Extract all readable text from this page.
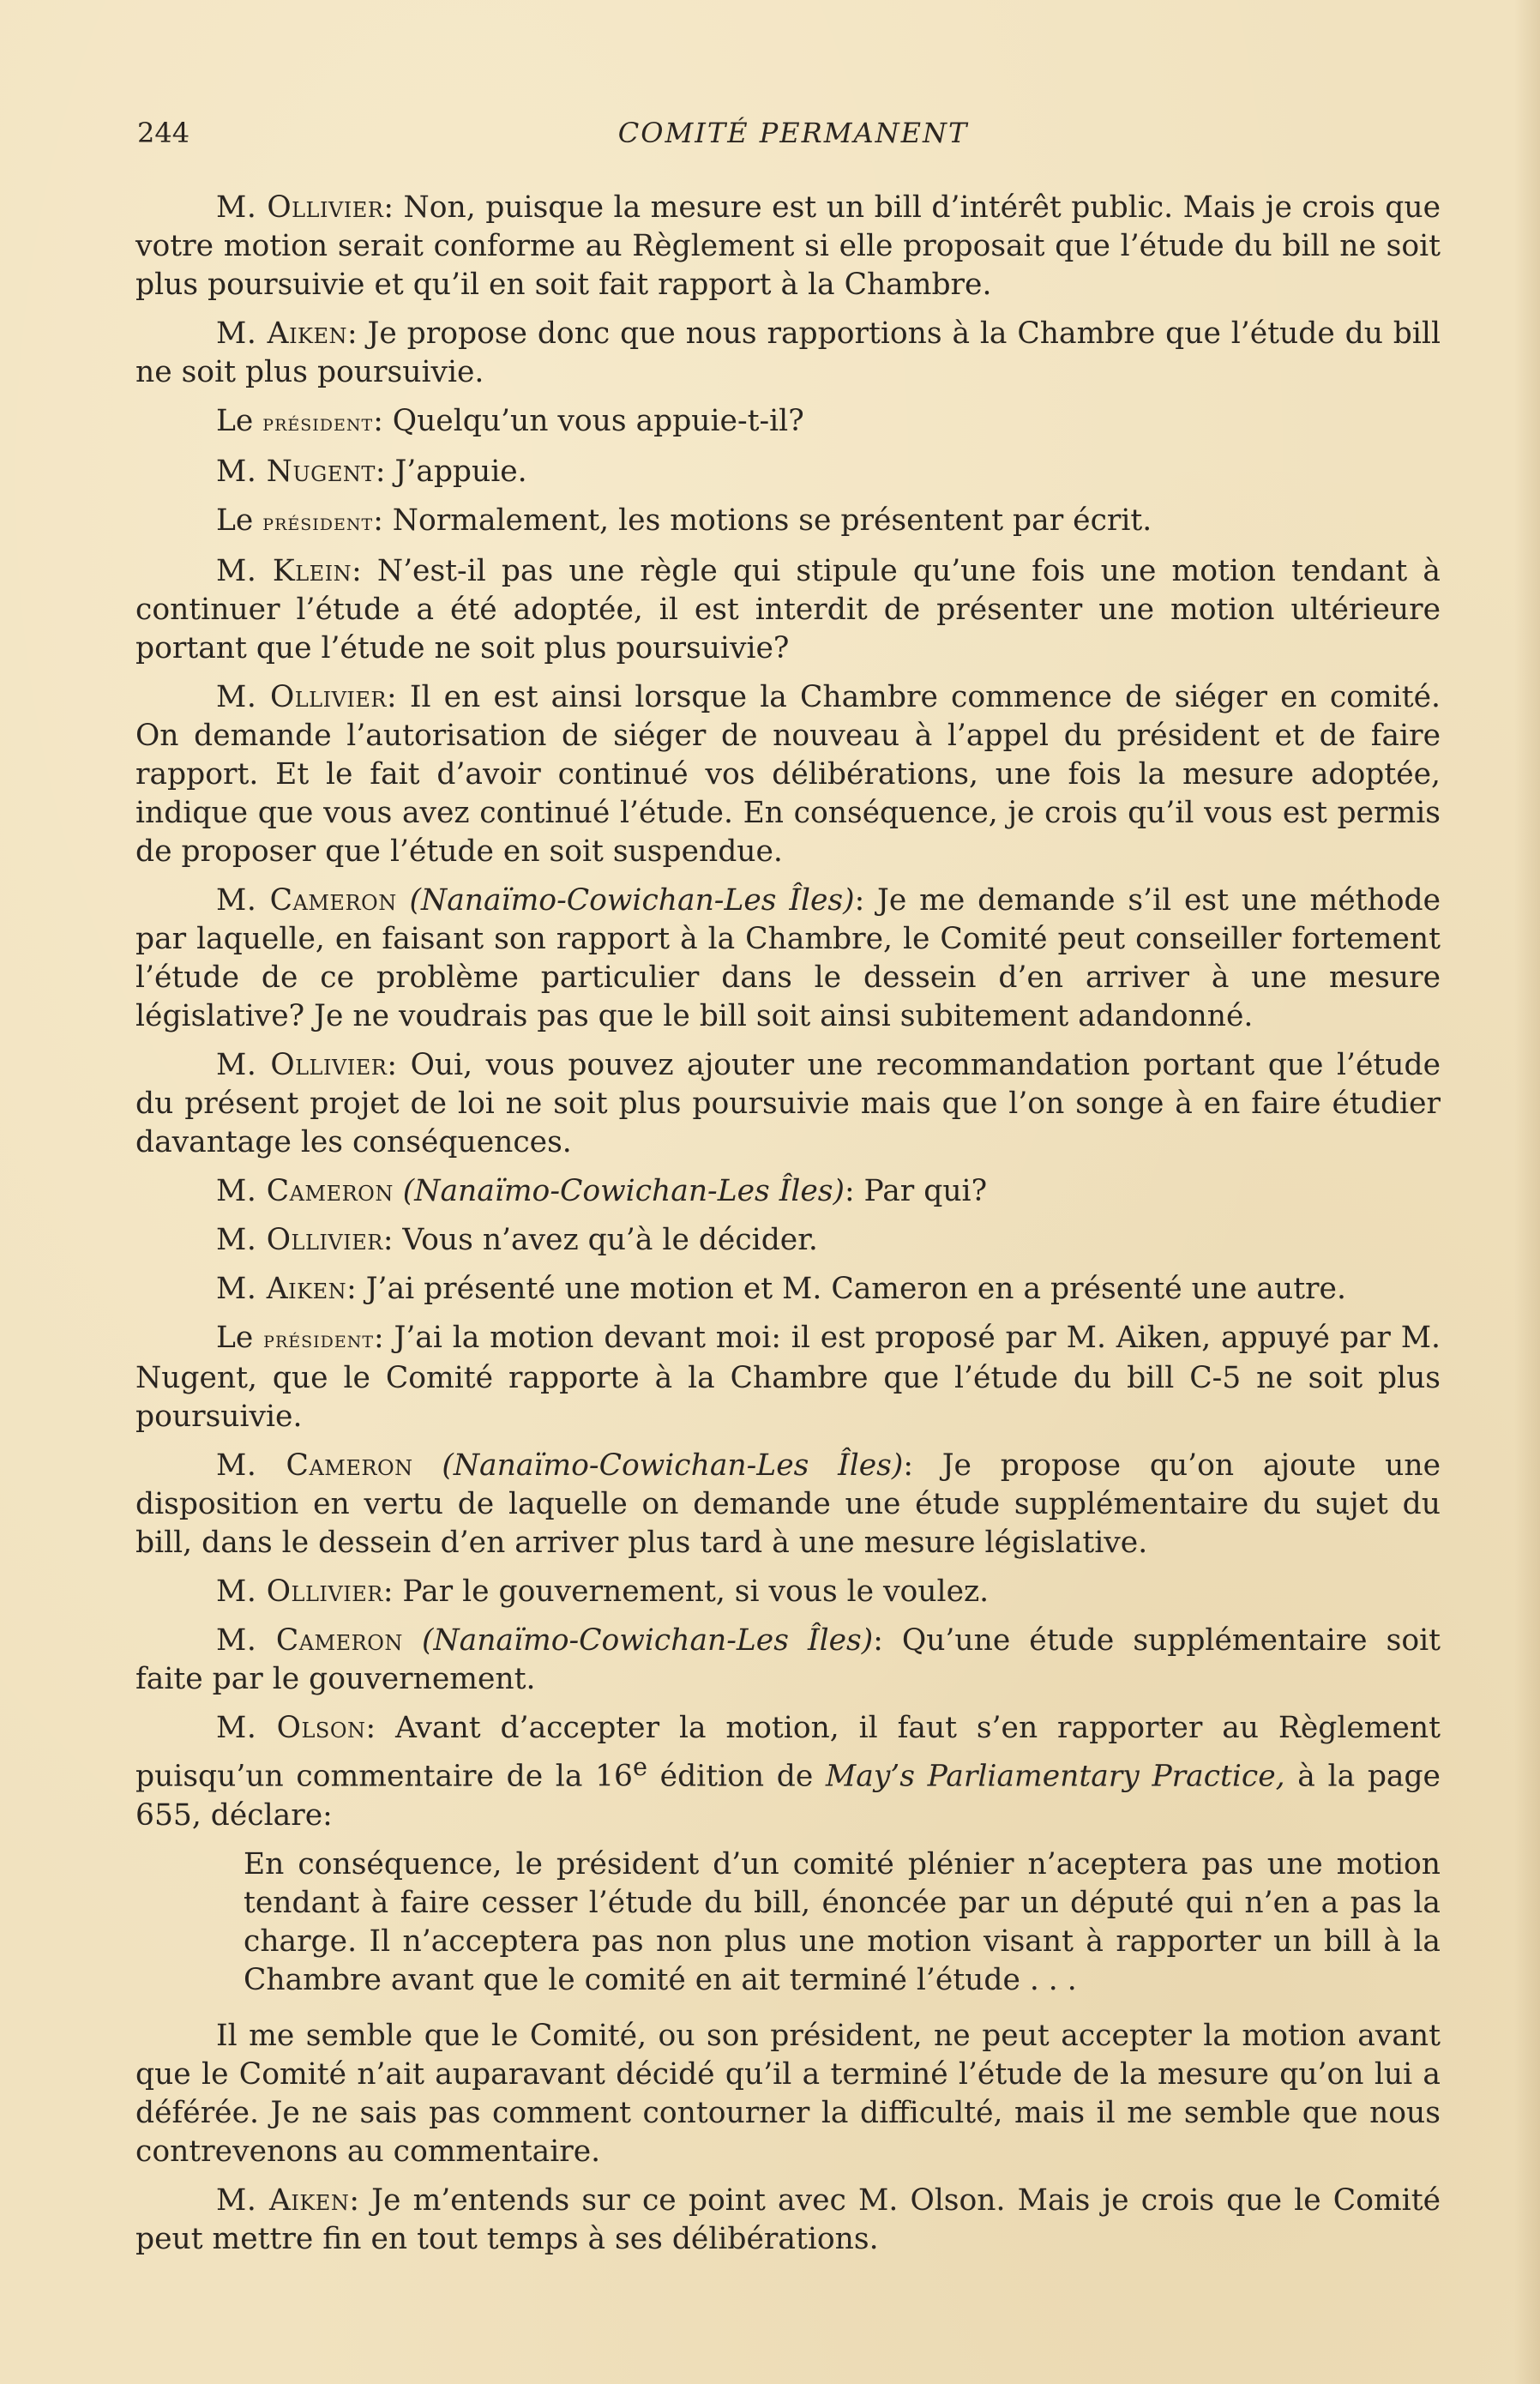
244	COMITÉ PERMANENT

M. Ollivier: Non, puisque la mesure est un bill d’intérêt public. Mais je crois que votre motion serait conforme au Règlement si elle proposait que l’étude du bill ne soit plus poursuivie et qu’il en soit fait rapport à la Chambre.

M. Aiken: Je propose donc que nous rapportions à la Chambre que l’étude du bill ne soit plus poursuivie.

Le président: Quelqu’un vous appuie-t-il?

M. Nugent: J’appuie.

Le président: Normalement, les motions se présentent par écrit.

M. Klein: N’est-il pas une règle qui stipule qu’une fois une motion tendant à continuer l’étude a été adoptée, il est interdit de présenter une motion ultérieure portant que l’étude ne soit plus poursuivie?

M. Ollivier: Il en est ainsi lorsque la Chambre commence de siéger en comité. On demande l’autorisation de siéger de nouveau à l’appel du président et de faire rapport. Et le fait d’avoir continué vos délibérations, une fois la mesure adoptée, indique que vous avez continué l’étude. En conséquence, je crois qu’il vous est permis de proposer que l’étude en soit suspendue.

M. Cameron (Nanaïmo-Cowichan-Les Îles): Je me demande s’il est une méthode par laquelle, en faisant son rapport à la Chambre, le Comité peut conseiller fortement l’étude de ce problème particulier dans le dessein d’en arriver à une mesure législative? Je ne voudrais pas que le bill soit ainsi subitement adandonné.

M. Ollivier: Oui, vous pouvez ajouter une recommandation portant que l’étude du présent projet de loi ne soit plus poursuivie mais que l’on songe à en faire étudier davantage les conséquences.

M. Cameron (Nanaïmo-Cowichan-Les Îles): Par qui?

M. Ollivier: Vous n’avez qu’à le décider.

M. Aiken: J’ai présenté une motion et M. Cameron en a présenté une autre.

Le président: J’ai la motion devant moi: il est proposé par M. Aiken, appuyé par M. Nugent, que le Comité rapporte à la Chambre que l’étude du bill C-5 ne soit plus poursuivie.

M. Cameron (Nanaïmo-Cowichan-Les Îles): Je propose qu’on ajoute une disposition en vertu de laquelle on demande une étude supplémentaire du sujet du bill, dans le dessein d’en arriver plus tard à une mesure législative.

M. Ollivier: Par le gouvernement, si vous le voulez.

M. Cameron (Nanaïmo-Cowichan-Les Îles): Qu’une étude supplémentaire soit faite par le gouvernement.

M. Olson: Avant d’accepter la motion, il faut s’en rapporter au Règlement puisqu’un commentaire de la 16e édition de May’s Parliamentary Practice, à la page 655, déclare:

En conséquence, le président d’un comité plénier n’aceptera pas une motion tendant à faire cesser l’étude du bill, énoncée par un député qui n’en a pas la charge. Il n’acceptera pas non plus une motion visant à rapporter un bill à la Chambre avant que le comité en ait terminé l’étude . . .

Il me semble que le Comité, ou son président, ne peut accepter la motion avant que le Comité n’ait auparavant décidé qu’il a terminé l’étude de la mesure qu’on lui a déférée. Je ne sais pas comment contourner la difficulté, mais il me semble que nous contrevenons au commentaire.

M. Aiken: Je m’entends sur ce point avec M. Olson. Mais je crois que le Comité peut mettre fin en tout temps à ses délibérations.
